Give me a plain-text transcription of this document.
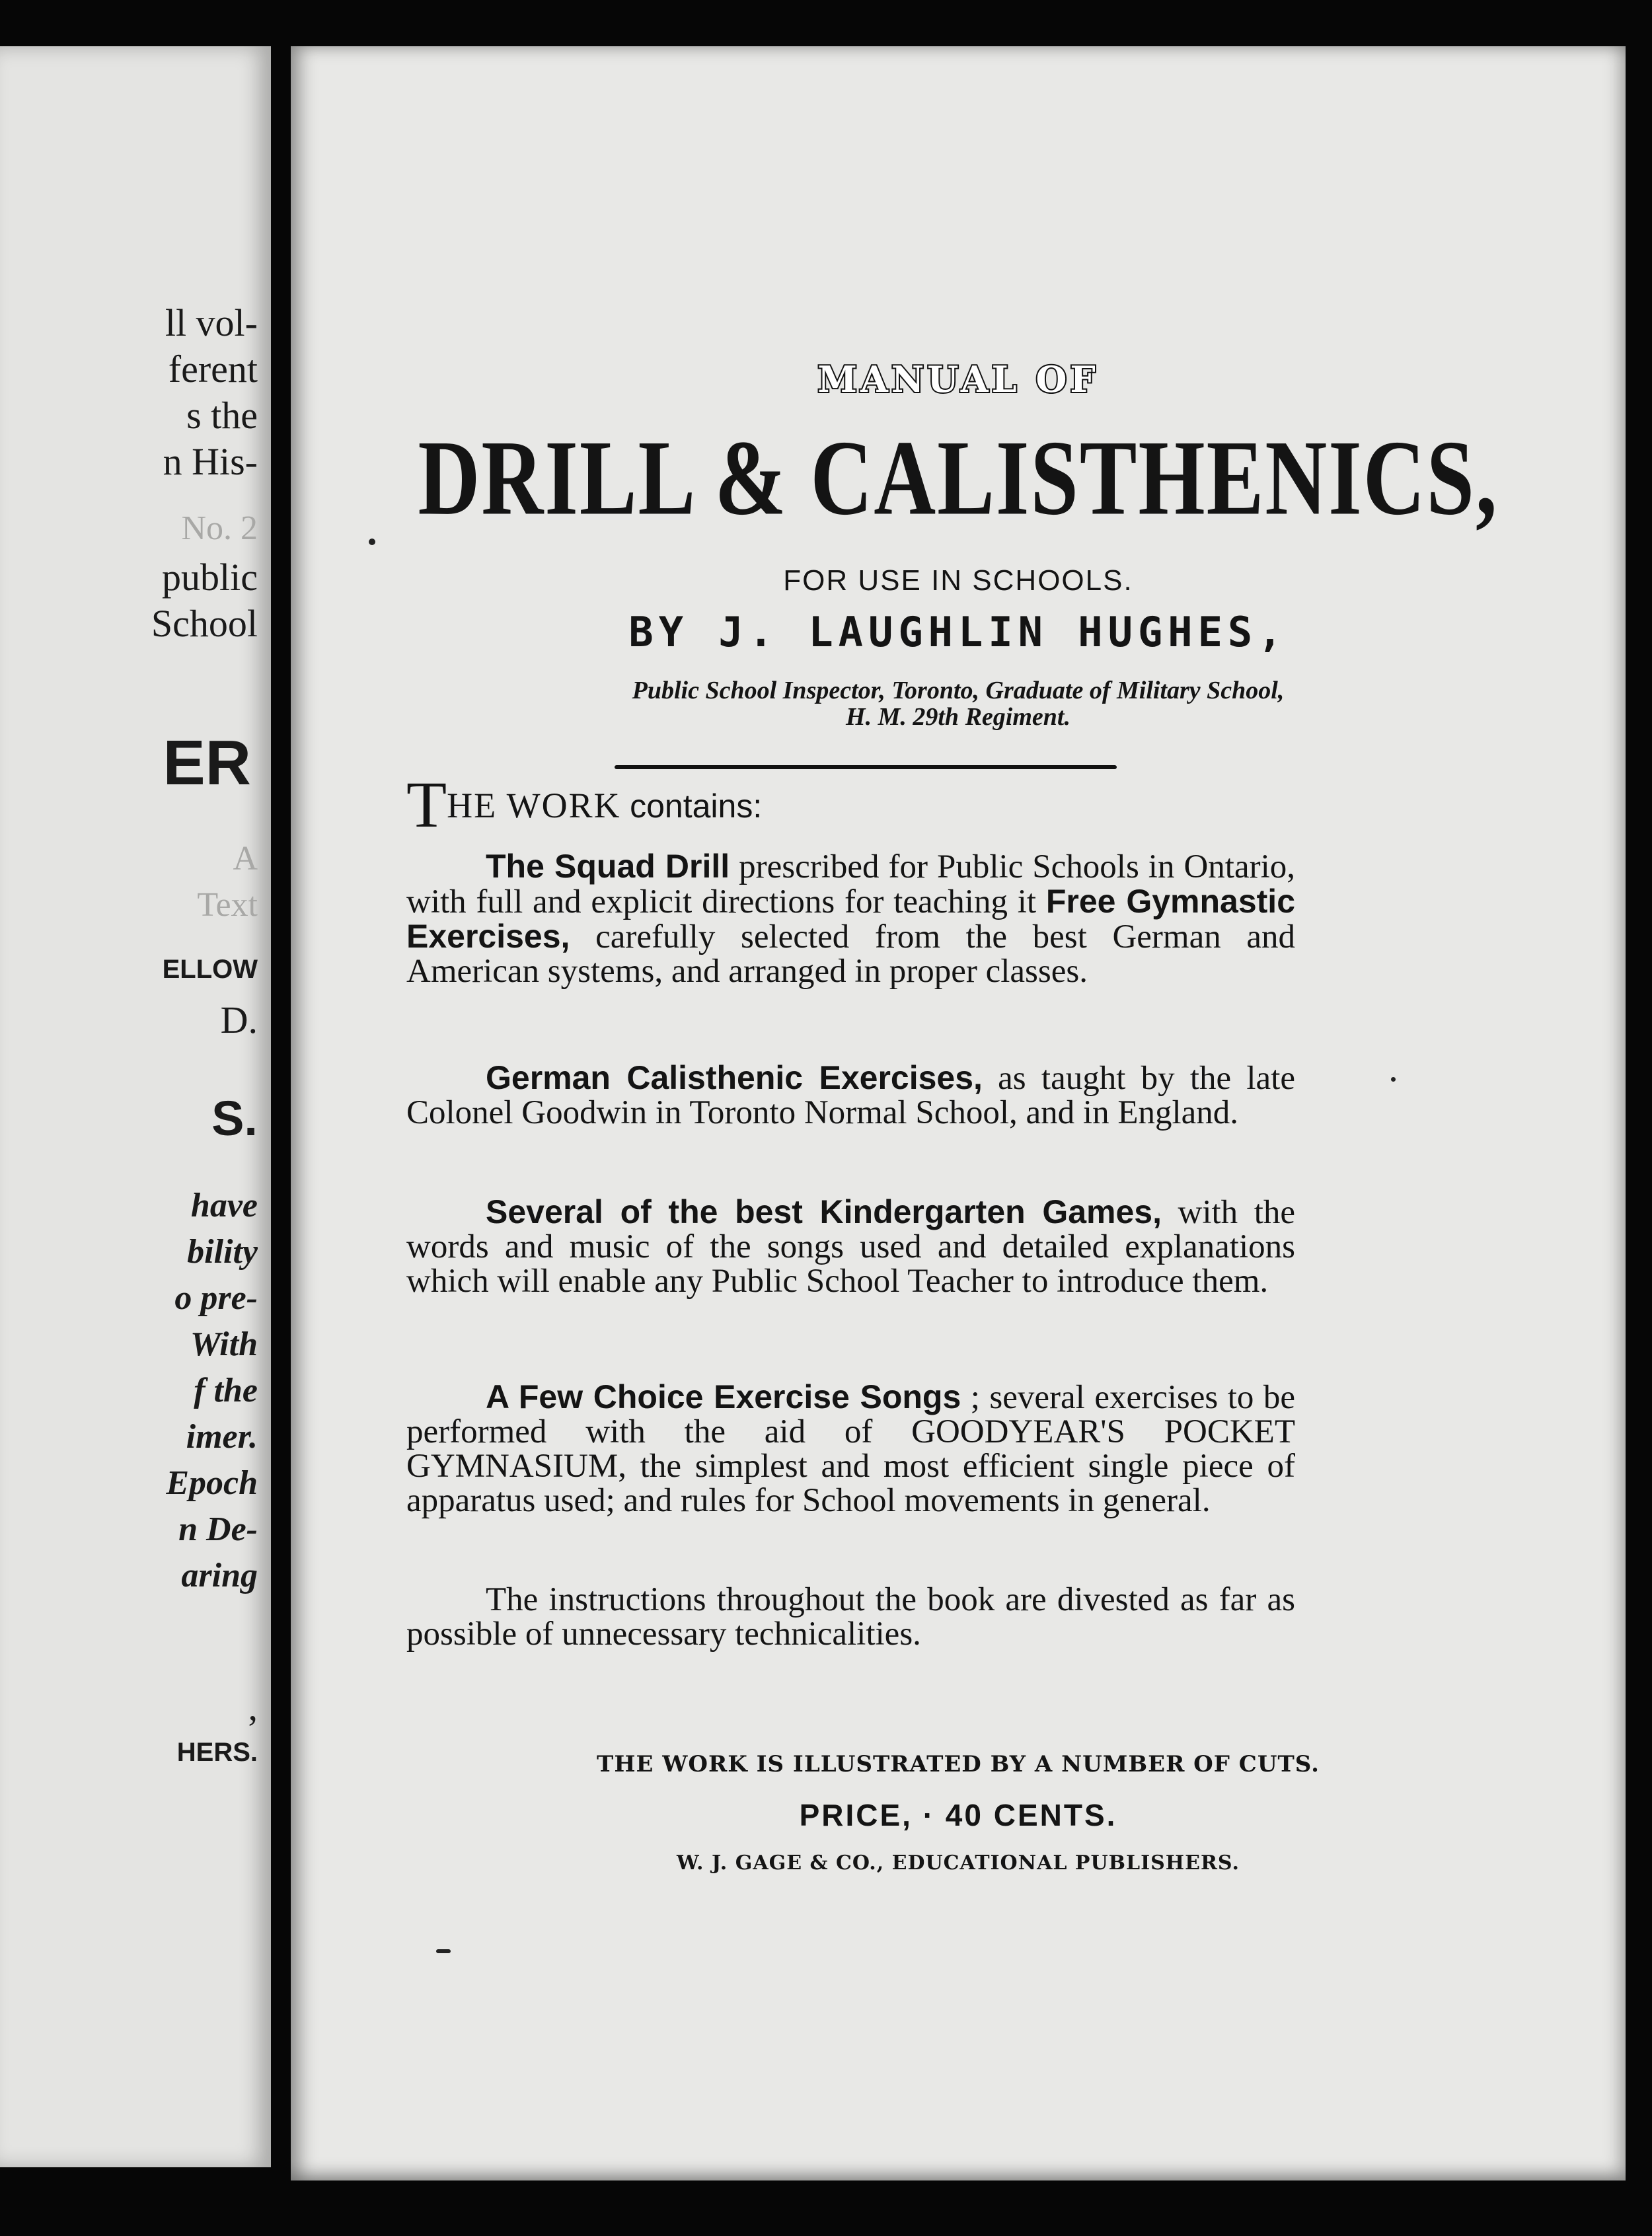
ll vol-
ferent
s the
n His-
No. 2
public
School
ER
A
Text
ELLOW
D.
S.
have
bility
o pre-
With
f the
imer.
Epoch
n De-
aring
,
HERS.
MANUAL OF
DRILL & CALISTHENICS,
FOR USE IN SCHOOLS.
BY J. LAUGHLIN HUGHES,
Public School Inspector, Toronto, Graduate of Military School,
H. M. 29th Regiment.
THE WORK contains:
The Squad Drill prescribed for Public Schools in Ontario, with full and explicit directions for teaching it Free Gymnastic Exercises, carefully selected from the best German and American systems, and arranged in proper classes.
German Calisthenic Exercises, as taught by the late Colonel Goodwin in Toronto Normal School, and in England.
Several of the best Kindergarten Games, with the words and music of the songs used and detailed explanations which will enable any Public School Teacher to introduce them.
A Few Choice Exercise Songs ; several exercises to be performed with the aid of GOODYEAR'S POCKET GYMNASIUM, the simplest and most efficient single piece of apparatus used; and rules for School movements in general.
The instructions throughout the book are divested as far as possible of unnecessary technicalities.
THE WORK IS ILLUSTRATED BY A NUMBER OF CUTS.
PRICE, · 40 CENTS.
W. J. GAGE & CO., EDUCATIONAL PUBLISHERS.
